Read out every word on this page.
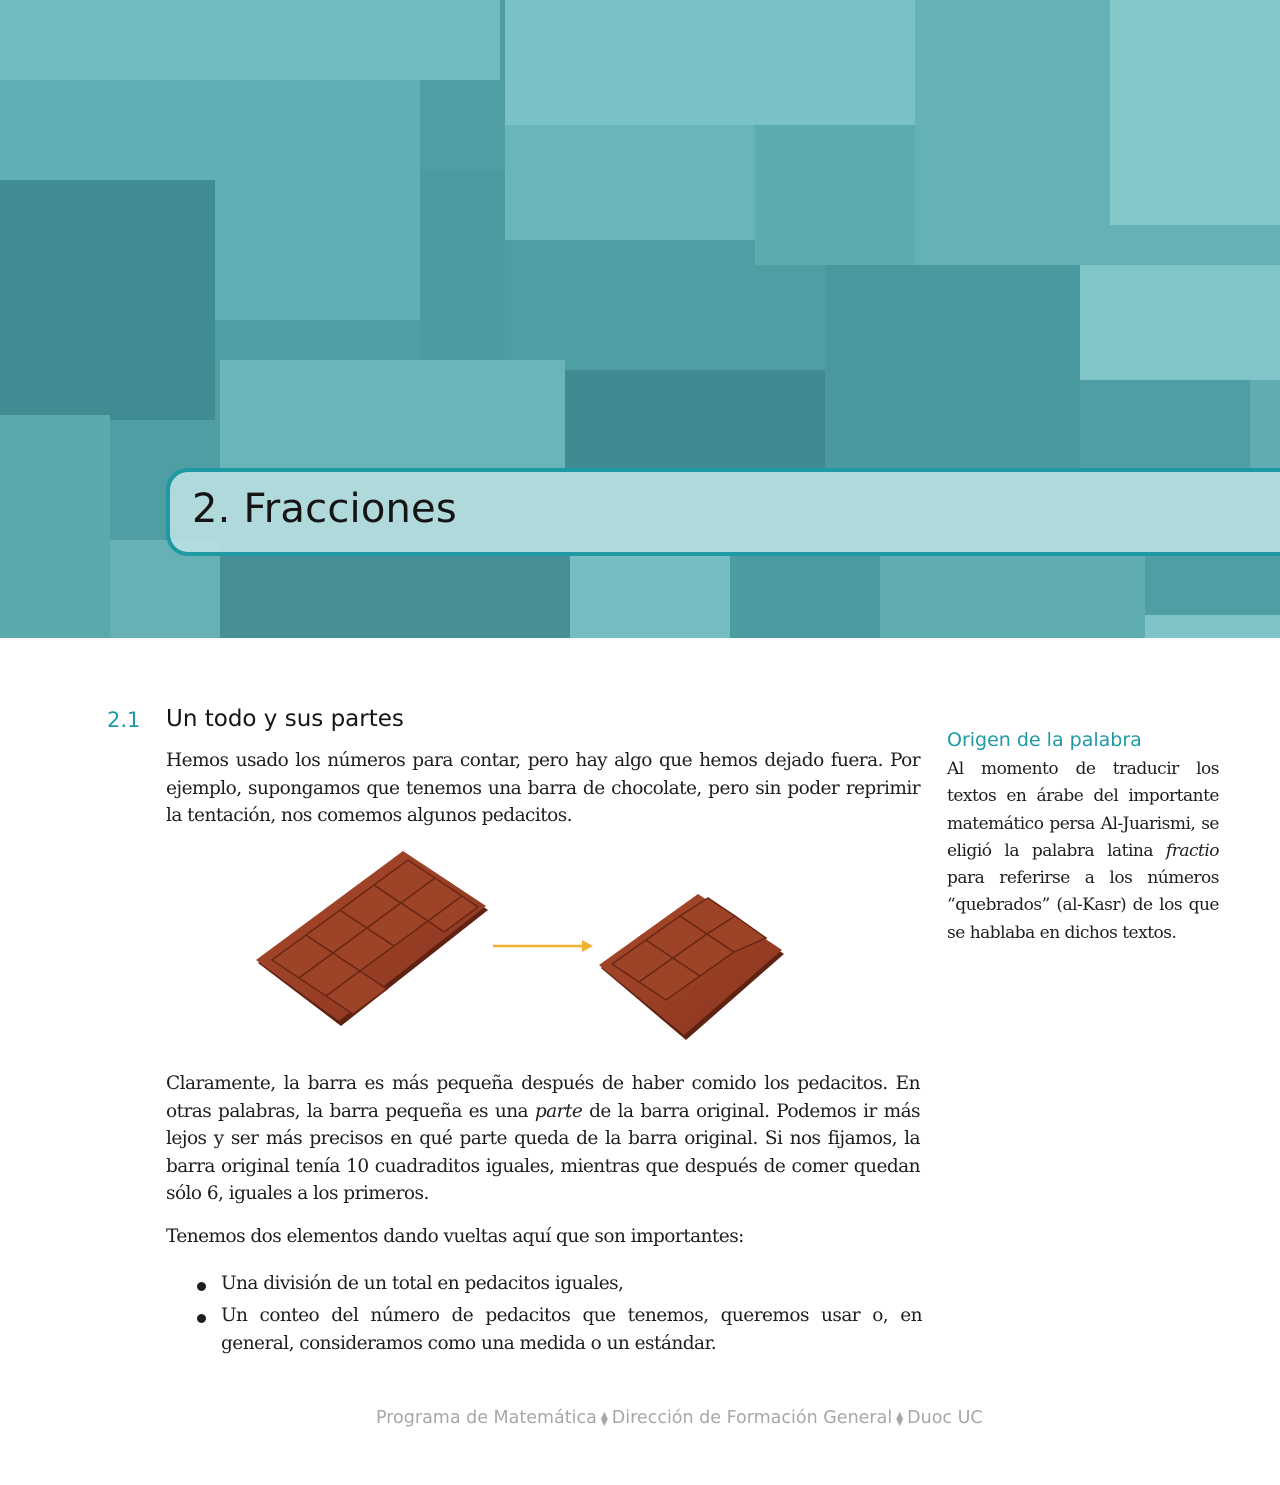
2. Fracciones
2.1 Un todo y sus partes

Hemos usado los números para contar, pero hay algo que hemos dejado fuera. Por ejemplo, supongamos que tenemos una barra de chocolate, pero sin poder reprimir la tentación, nos comemos algunos pedacitos.

Claramente, la barra es más pequeña después de haber comido los pedacitos. En otras palabras, la barra pequeña es una parte de la barra original. Podemos ir más lejos y ser más precisos en qué parte queda de la barra original. Si nos fijamos, la barra original tenía 10 cuadraditos iguales, mientras que después de comer quedan sólo 6, iguales a los primeros.

Tenemos dos elementos dando vueltas aquí que son importantes:

Una división de un total en pedacitos iguales,
Un conteo del número de pedacitos que tenemos, queremos usar o, en general, consideramos como una medida o un estándar.
Origen de la palabra

Al momento de traducir los textos en árabe del importante matemático persa Al-Juarismi, se eligió la palabra latina fractio para referirse a los números “quebrados” (al-Kasr) de los que se hablaba en dichos textos.

Programa de Matemática ⧫ Dirección de Formación General ⧫ Duoc UC
